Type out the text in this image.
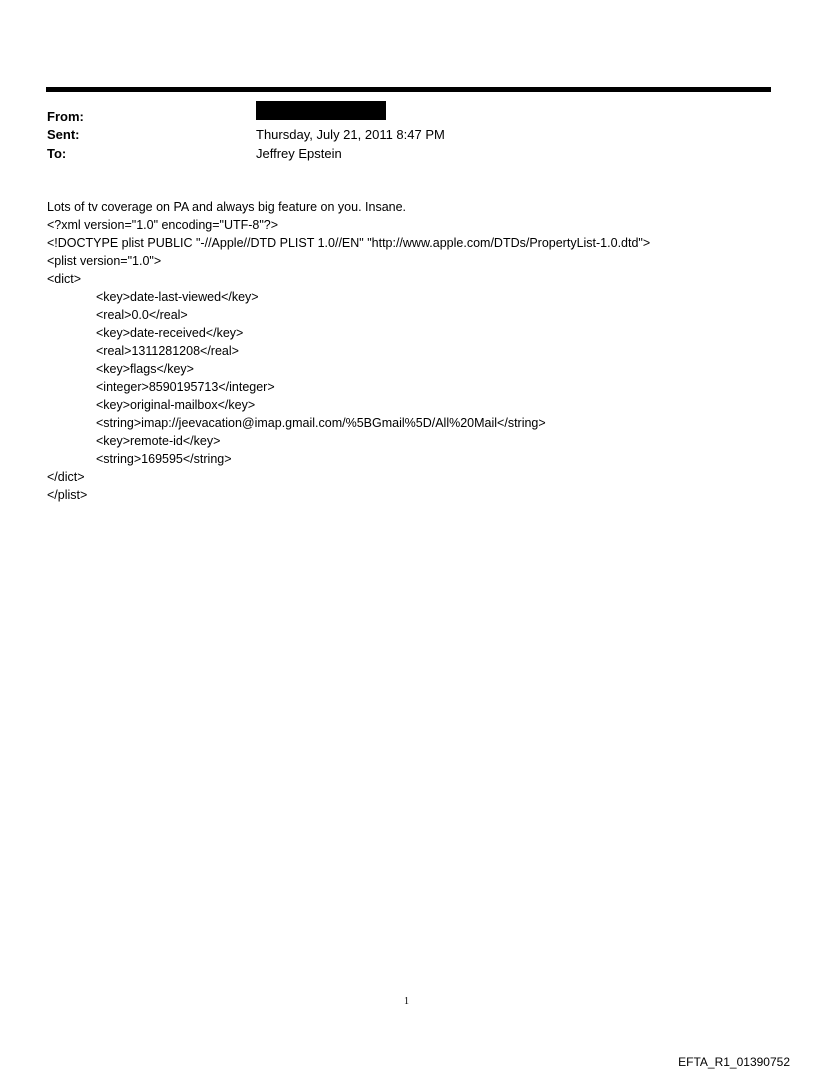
From:
Sent:	Thursday, July 21, 2011 8:47 PM
To:	Jeffrey Epstein
Lots of tv coverage on PA and always big feature on you. Insane.
<?xml version="1.0" encoding="UTF-8"?>
<!DOCTYPE plist PUBLIC "-//Apple//DTD PLIST 1.0//EN" "http://www.apple.com/DTDs/PropertyList-1.0.dtd">
<plist version="1.0">
<dict>
<key>date-last-viewed</key>
<real>0.0</real>
<key>date-received</key>
<real>1311281208</real>
<key>flags</key>
<integer>8590195713</integer>
<key>original-mailbox</key>
<string>imap://jeevacation@imap.gmail.com/%5BGmail%5D/All%20Mail</string>
<key>remote-id</key>
<string>169595</string>
</dict>
</plist>
1
EFTA_R1_01390752
